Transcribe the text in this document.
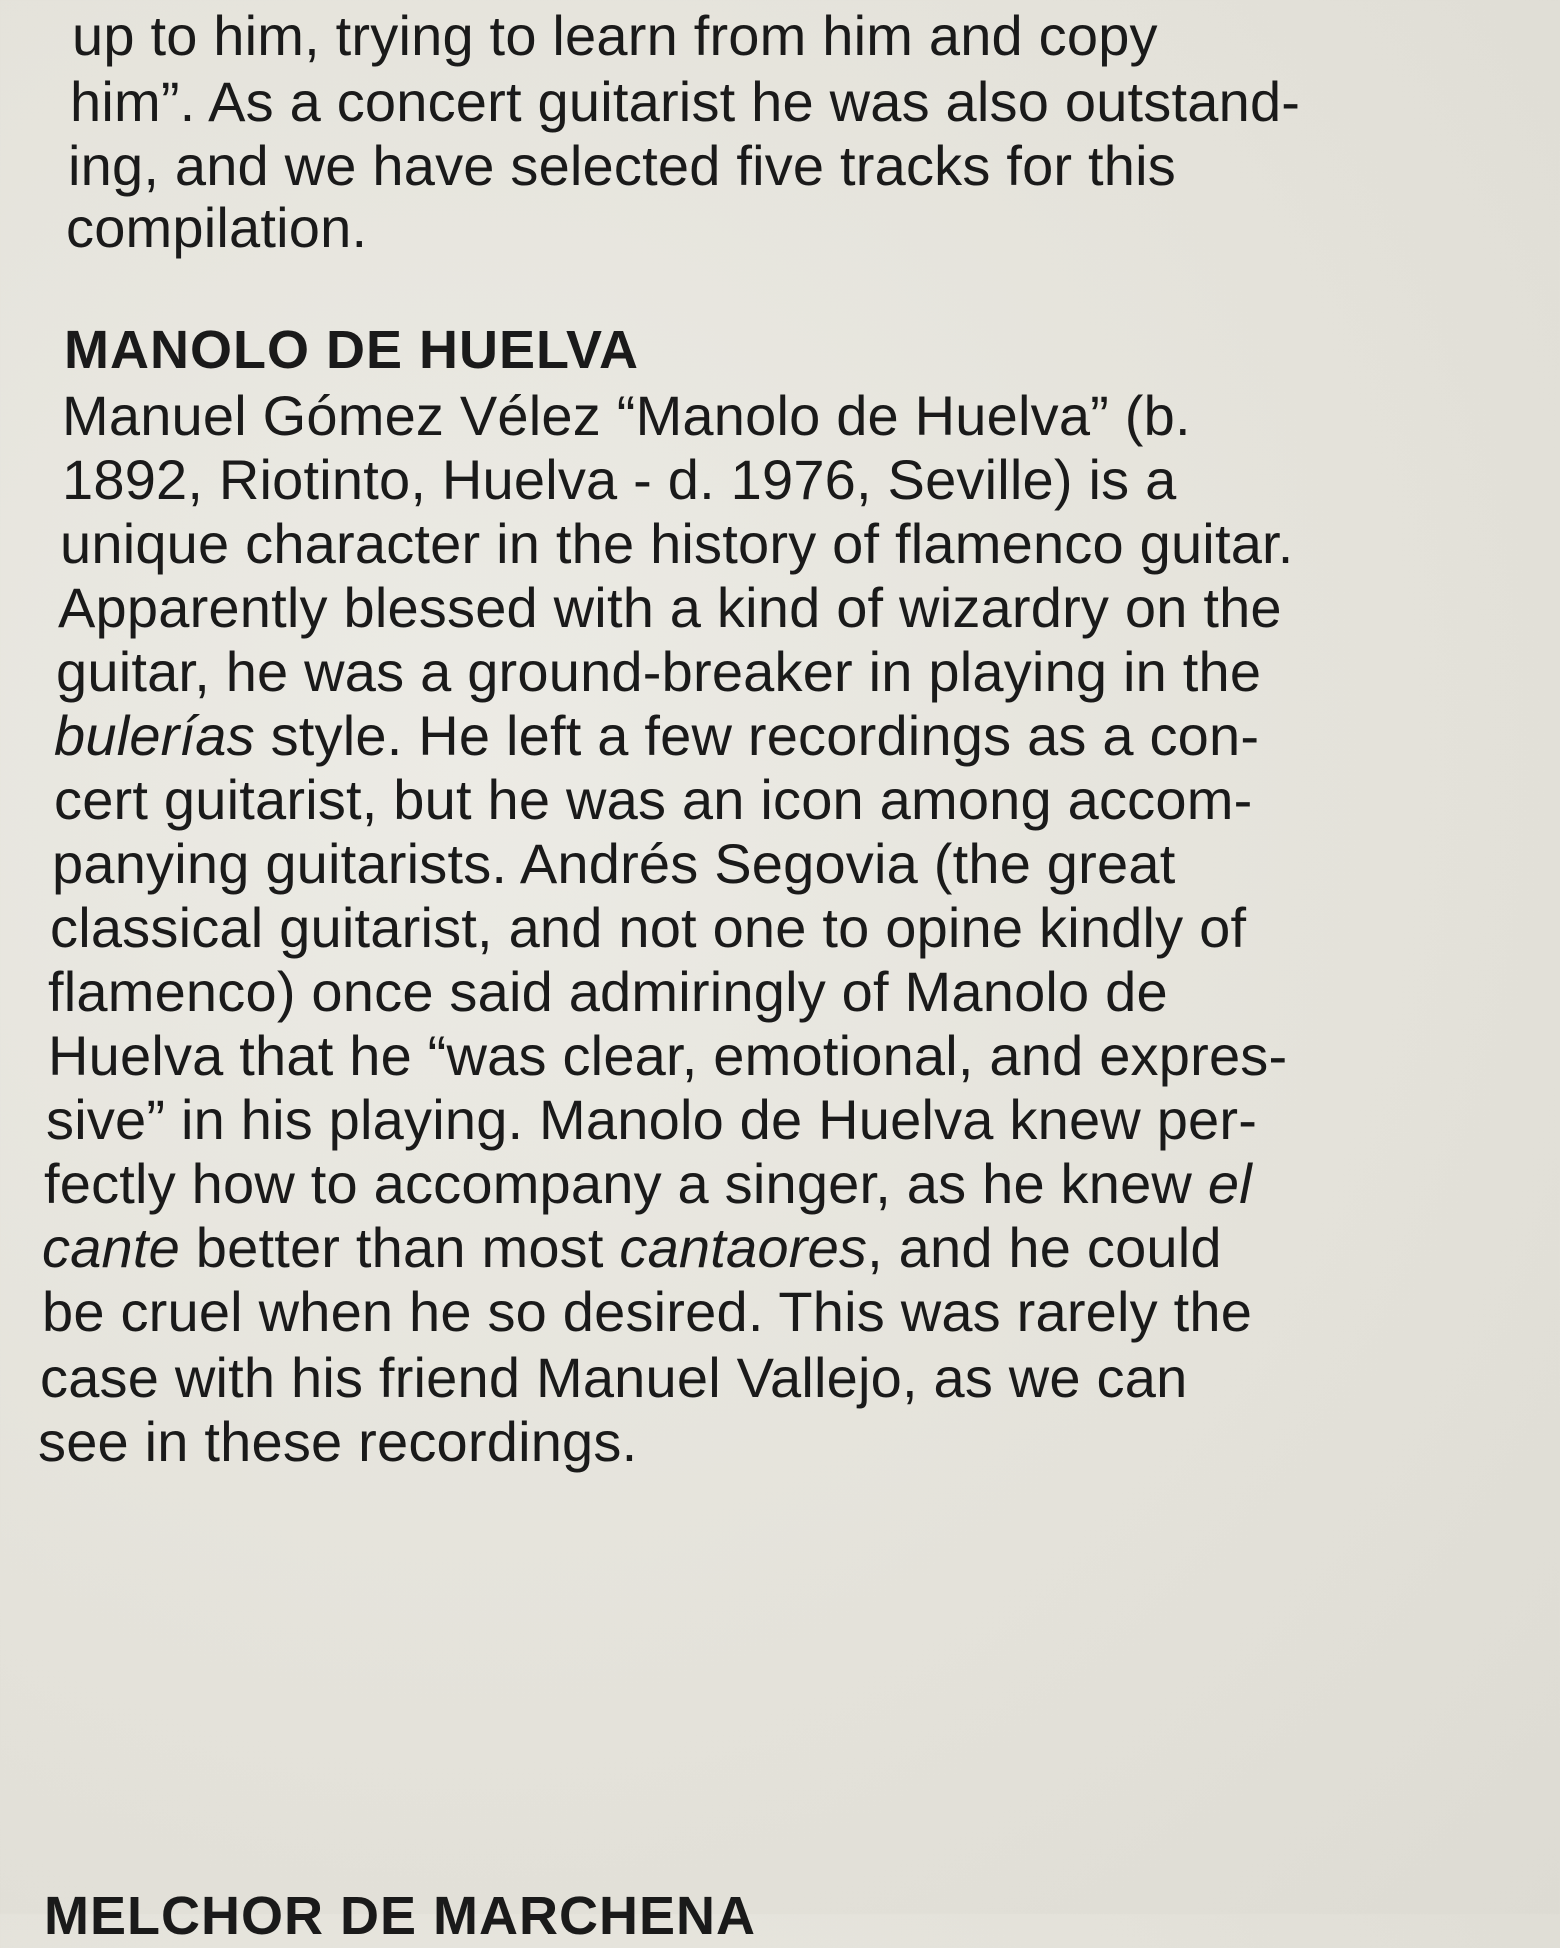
up to him, trying to learn from him and copy
him”. As a concert guitarist he was also outstand-
ing, and we have selected five tracks for this
compilation.
MANOLO DE HUELVA
Manuel Gómez Vélez “Manolo de Huelva” (b.
1892, Riotinto, Huelva - d. 1976, Seville) is a
unique character in the history of flamenco guitar.
Apparently blessed with a kind of wizardry on the
guitar, he was a ground-breaker in playing in the
bulerías style. He left a few recordings as a con-
cert guitarist, but he was an icon among accom-
panying guitarists. Andrés Segovia (the great
classical guitarist, and not one to opine kindly of
flamenco) once said admiringly of Manolo de
Huelva that he “was clear, emotional, and expres-
sive” in his playing. Manolo de Huelva knew per-
fectly how to accompany a singer, as he knew el
cante better than most cantaores, and he could
be cruel when he so desired. This was rarely the
case with his friend Manuel Vallejo, as we can
see in these recordings.
MELCHOR DE MARCHENA
